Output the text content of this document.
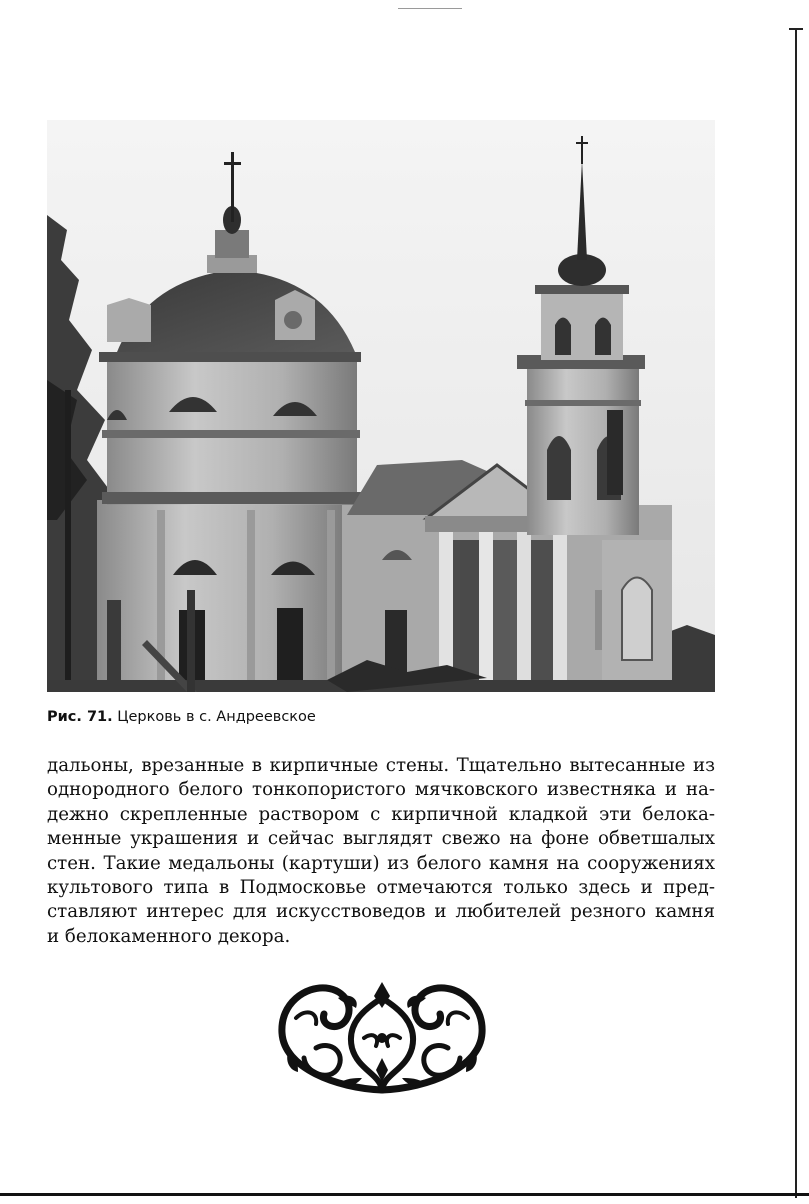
Рис. 71. Церковь в с. Андреевское
дальоны, врезанные в кирпичные стены. Тщательно вытесанные из
однородного белого тонкопористого мячковского известняка и на-
дежно скрепленные раствором с кирпичной кладкой эти белока-
менные украшения и сейчас выглядят свежо на фоне обветшалых
стен. Такие медальоны (картуши) из белого камня на сооружениях
культового типа в Подмосковье отмечаются только здесь и пред-
ставляют интерес для искусствоведов и любителей резного камня
и белокаменного декора.
